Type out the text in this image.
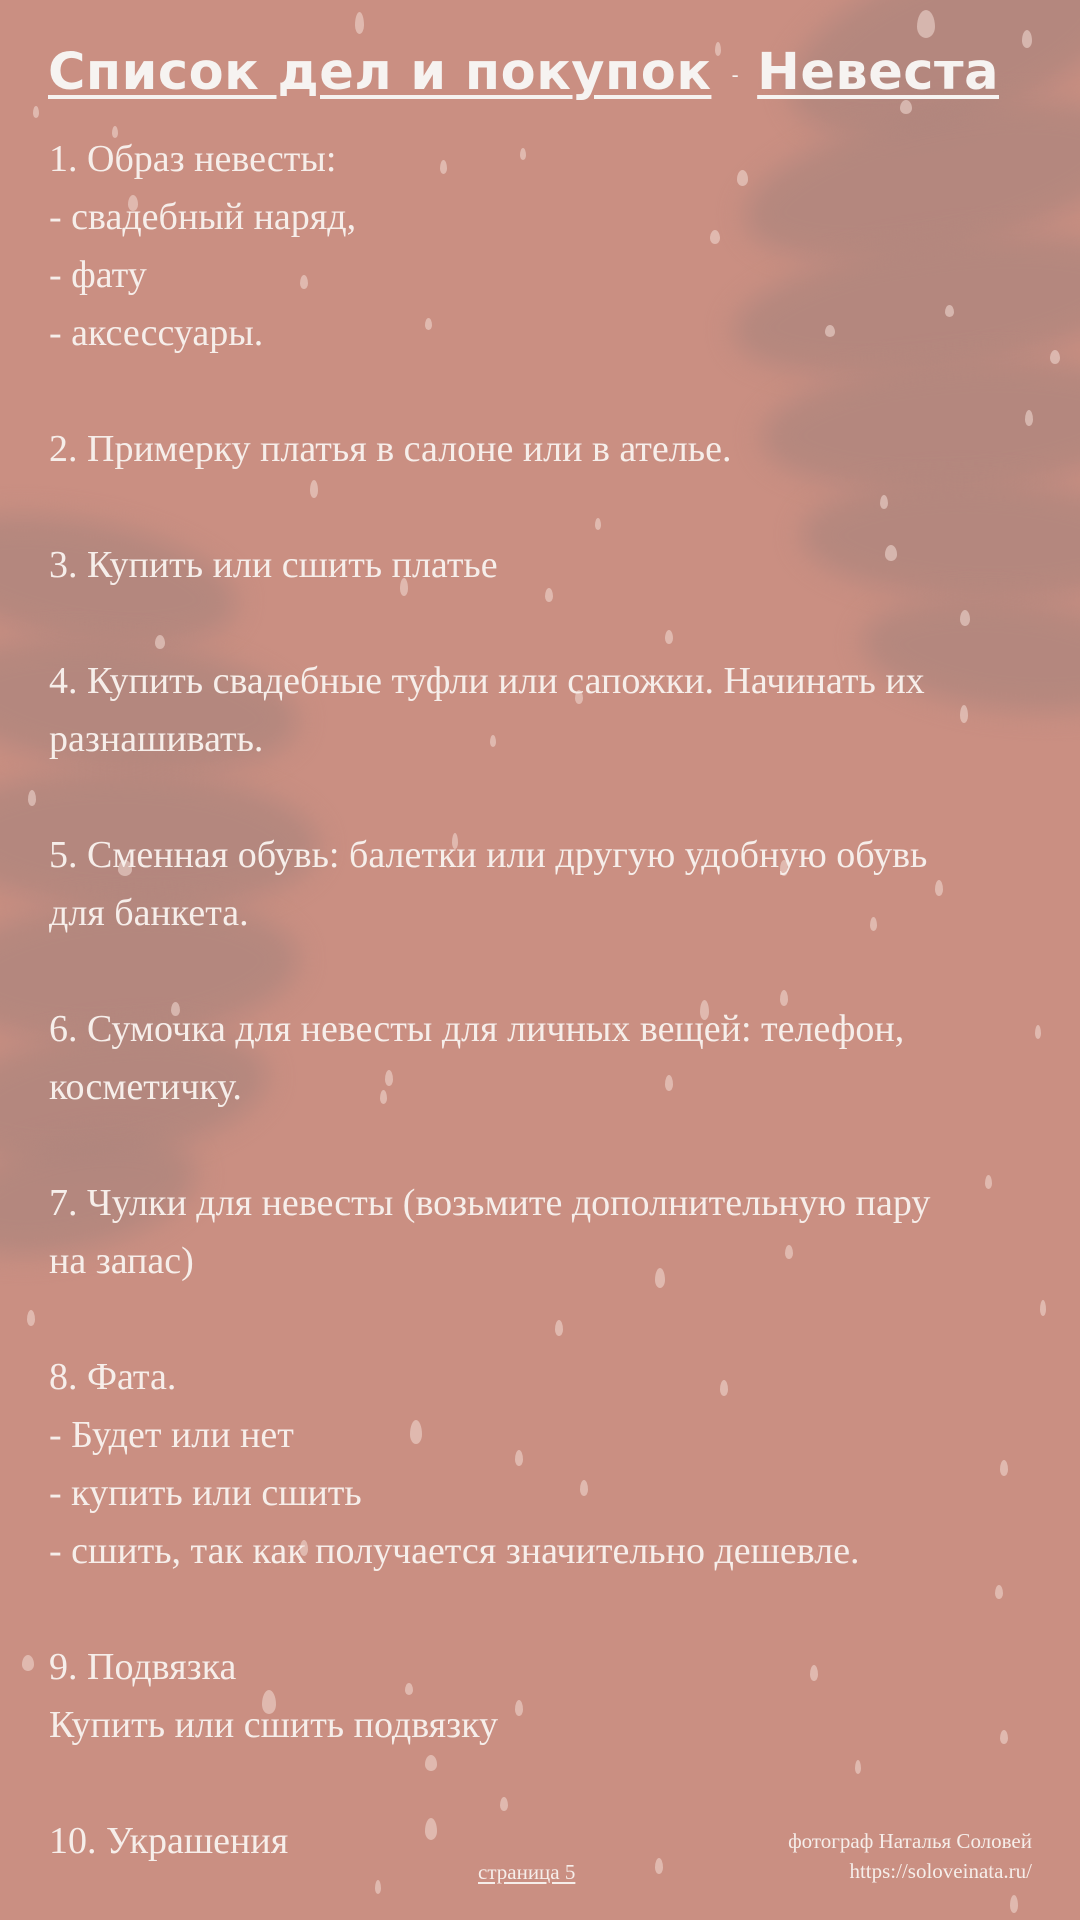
Список дел и покупок - Невеста
1. Образ невесты:
- свадебный наряд,
- фату
- аксессуары.
2. Примерку платья в салоне или в ателье.
3. Купить или сшить платье
4. Купить свадебные туфли или сапожки. Начинать их
разнашивать.
5. Сменная обувь: балетки или другую удобную обувь
для банкета.
6. Сумочка для невесты для личных вещей: телефон,
косметичку.
7. Чулки для невесты (возьмите дополнительную пару
на запас)
8. Фата.
- Будет или нет
- купить или сшить
- сшить, так как получается значительно дешевле.
9. Подвязка
Купить или сшить подвязку
10. Украшения
страница 5
фотограф Наталья Соловей
https://soloveinata.ru/
